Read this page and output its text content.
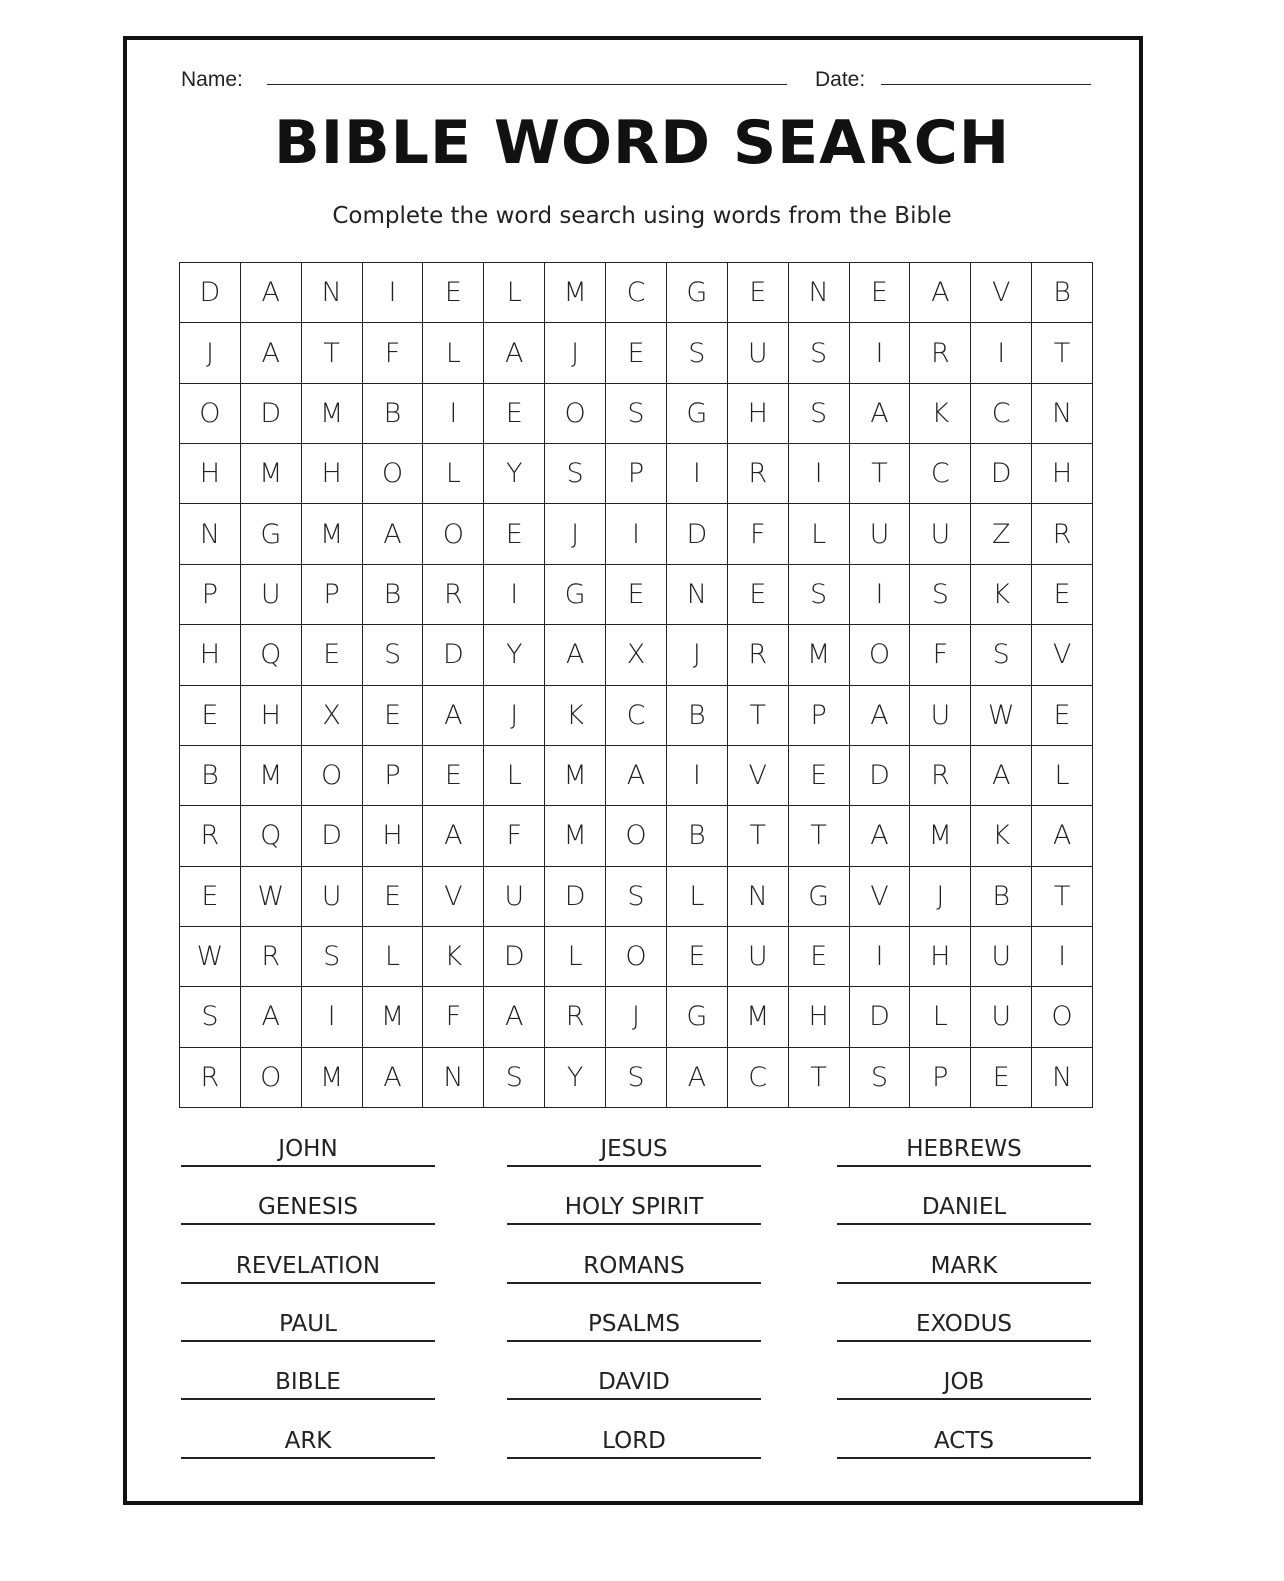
Name:	Date:
BIBLE WORD SEARCH
Complete the word search using words from the Bible
D	A	N	I	E	L	M	C	G	E	N	E	A	V	B
J	A	T	F	L	A	J	E	S	U	S	I	R	I	T
O	D	M	B	I	E	O	S	G	H	S	A	K	C	N
H	M	H	O	L	Y	S	P	I	R	I	T	C	D	H
N	G	M	A	O	E	J	I	D	F	L	U	U	Z	R
P	U	P	B	R	I	G	E	N	E	S	I	S	K	E
H	Q	E	S	D	Y	A	X	J	R	M	O	F	S	V
E	H	X	E	A	J	K	C	B	T	P	A	U	W	E
B	M	O	P	E	L	M	A	I	V	E	D	R	A	L
R	Q	D	H	A	F	M	O	B	T	T	A	M	K	A
E	W	U	E	V	U	D	S	L	N	G	V	J	B	T
W	R	S	L	K	D	L	O	E	U	E	I	H	U	I
S	A	I	M	F	A	R	J	G	M	H	D	L	U	O
R	O	M	A	N	S	Y	S	A	C	T	S	P	E	N
JOHN
GENESIS
REVELATION
PAUL
BIBLE
ARK
JESUS
HOLY SPIRIT
ROMANS
PSALMS
DAVID
LORD
HEBREWS
DANIEL
MARK
EXODUS
JOB
ACTS
